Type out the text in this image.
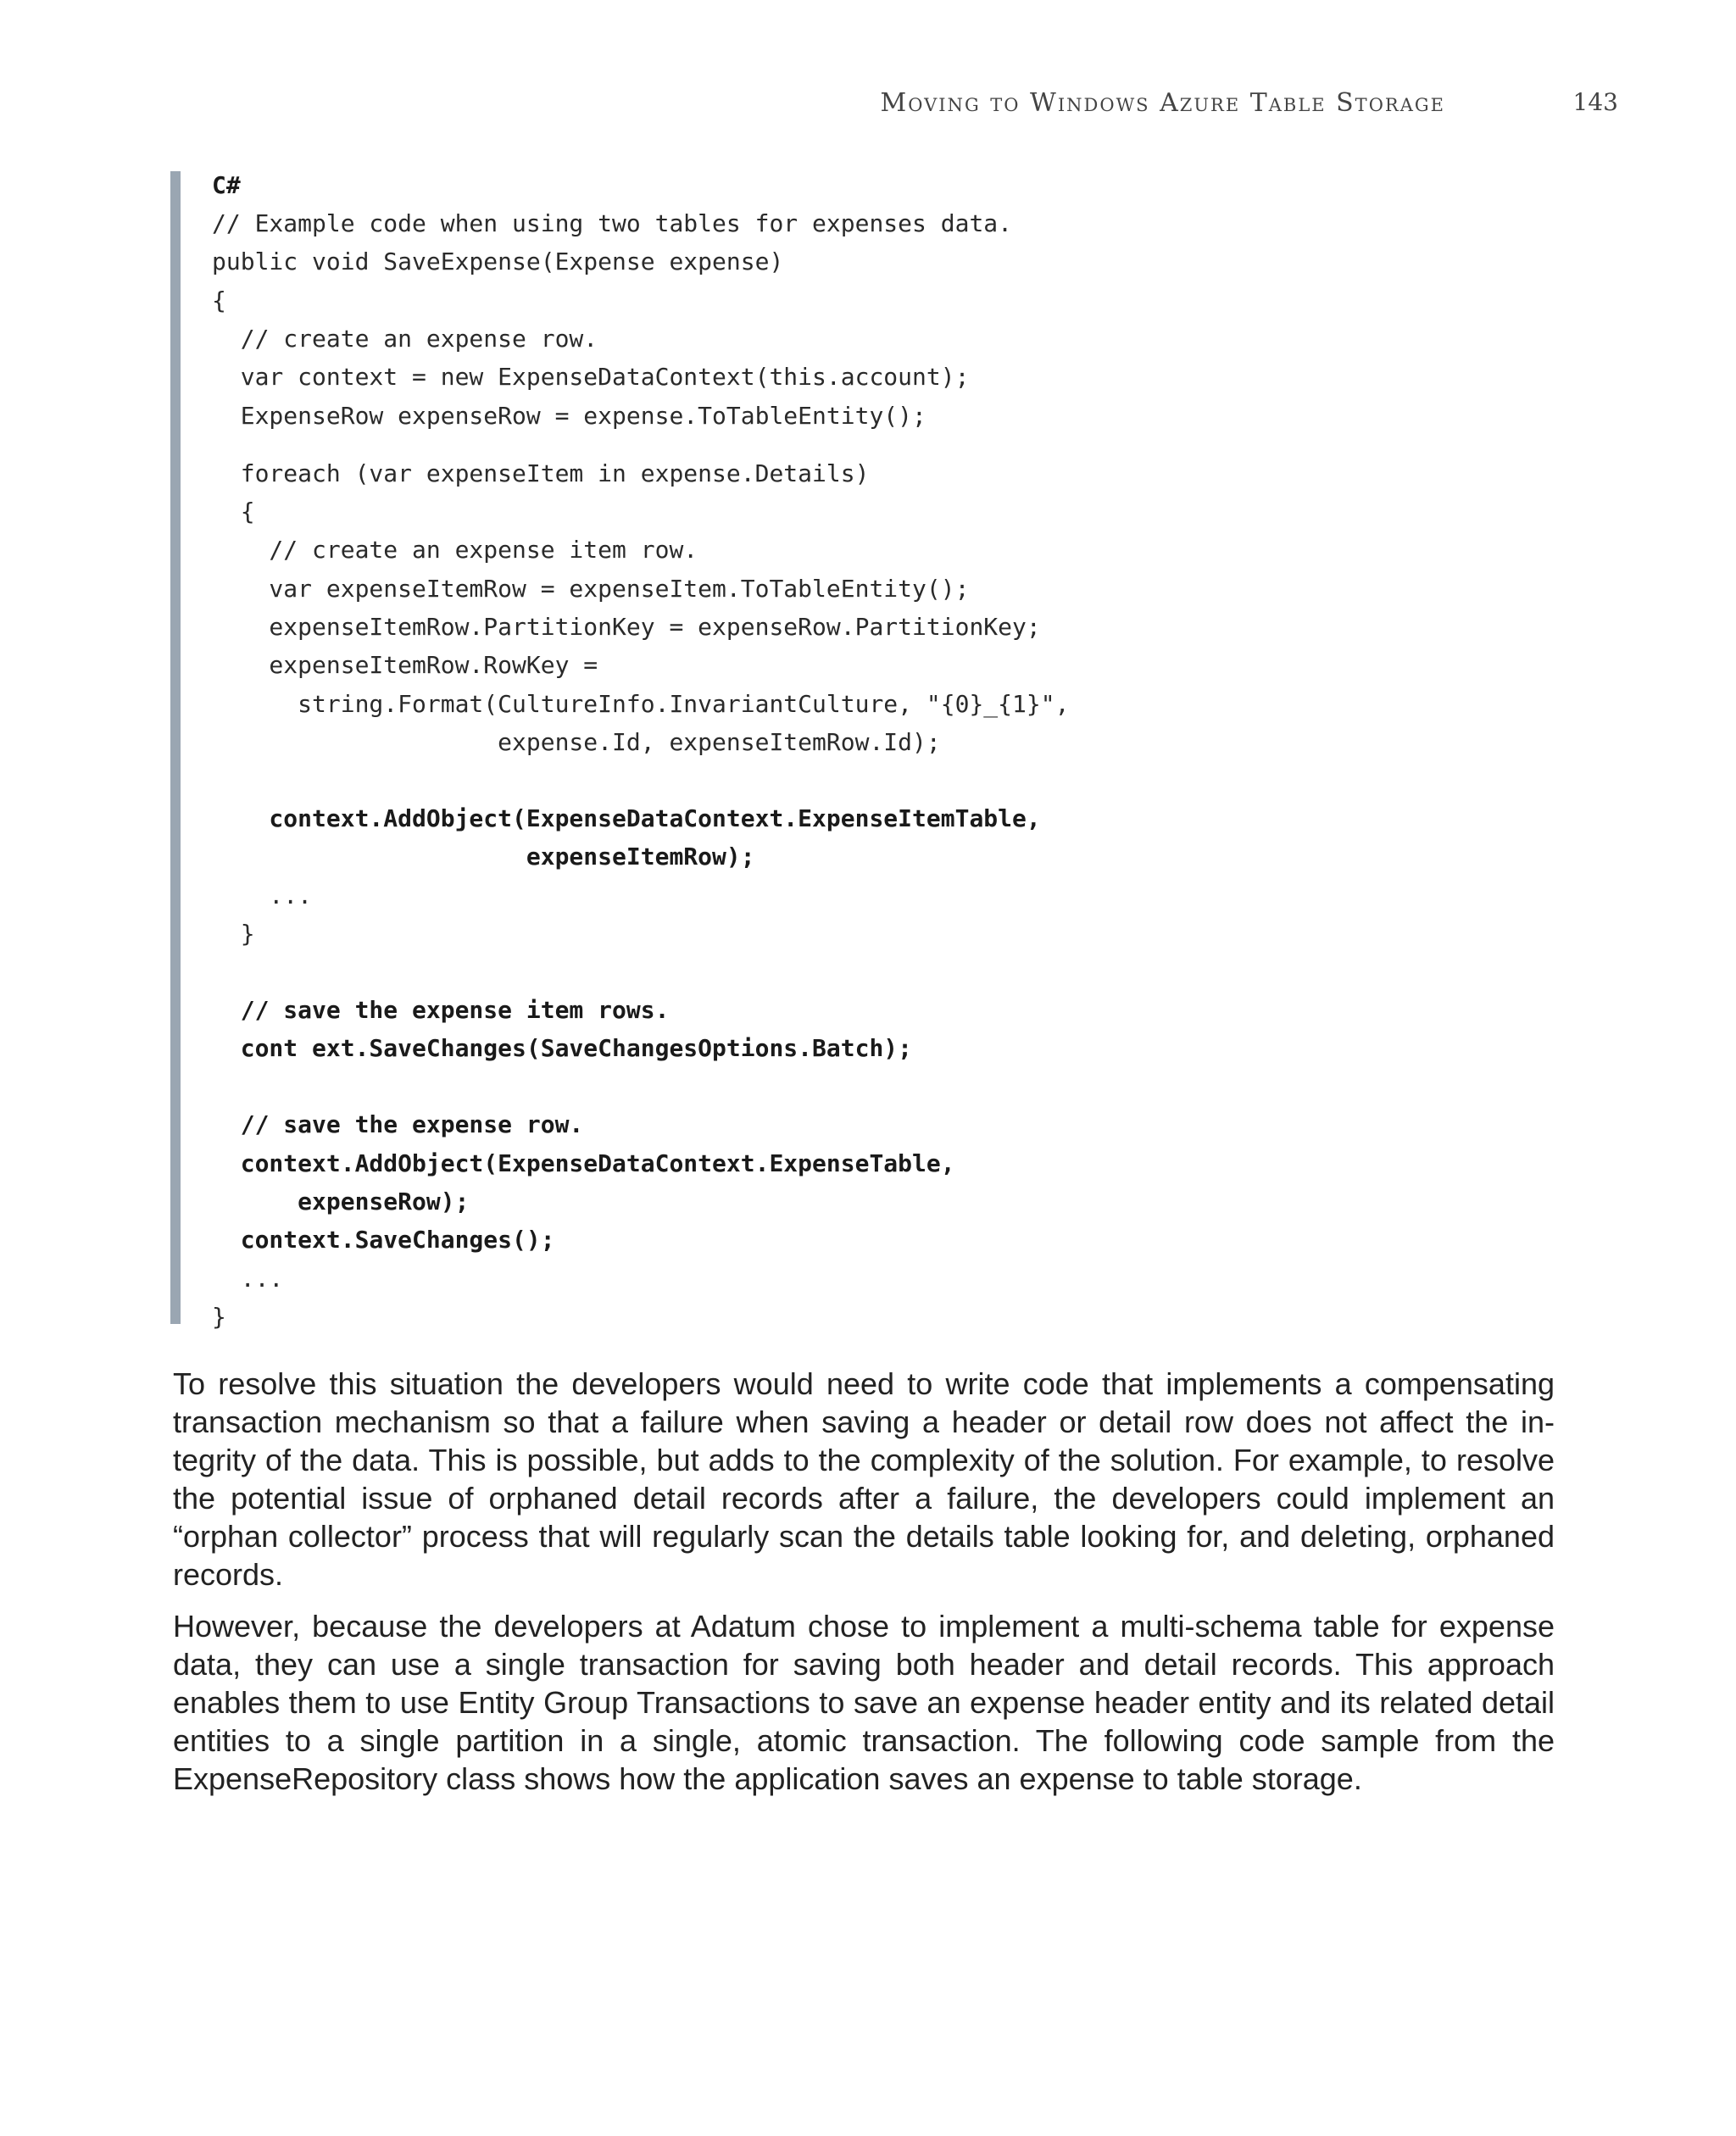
Moving to Windows Azure Table Storage	143
C#
// Example code when using two tables for expenses data.
public void SaveExpense(Expense expense)
{
// create an expense row.
var context = new ExpenseDataContext(this.account);
ExpenseRow expenseRow = expense.ToTableEntity();
foreach (var expenseItem in expense.Details)
{
// create an expense item row.
var expenseItemRow = expenseItem.ToTableEntity();
expenseItemRow.PartitionKey = expenseRow.PartitionKey;
expenseItemRow.RowKey =
string.Format(CultureInfo.InvariantCulture, "{0}_{1}",
expense.Id, expenseItemRow.Id);
context.AddObject(ExpenseDataContext.ExpenseItemTable,
expenseItemRow);
...
}
// save the expense item rows.
cont ext.SaveChanges(SaveChangesOptions.Batch);
// save the expense row.
context.AddObject(ExpenseDataContext.ExpenseTable,
expenseRow);
context.SaveChanges();
...
}

To resolve this situation the developers would need to write code that implements a compensating transaction mechanism so that a failure when saving a header or detail row does not affect the integrity of the data. This is possible, but adds to the complexity of the solution. For example, to resolve the potential issue of orphaned detail records after a failure, the developers could implement an “orphan collector” process that will regularly scan the details table looking for, and deleting, orphaned records.

However, because the developers at Adatum chose to implement a multi-schema table for expense data, they can use a single transaction for saving both header and detail records. This approach enables them to use Entity Group Transactions to save an expense header entity and its related detail entities to a single partition in a single, atomic transaction. The following code sample from the ExpenseRepository class shows how the application saves an expense to table storage.
